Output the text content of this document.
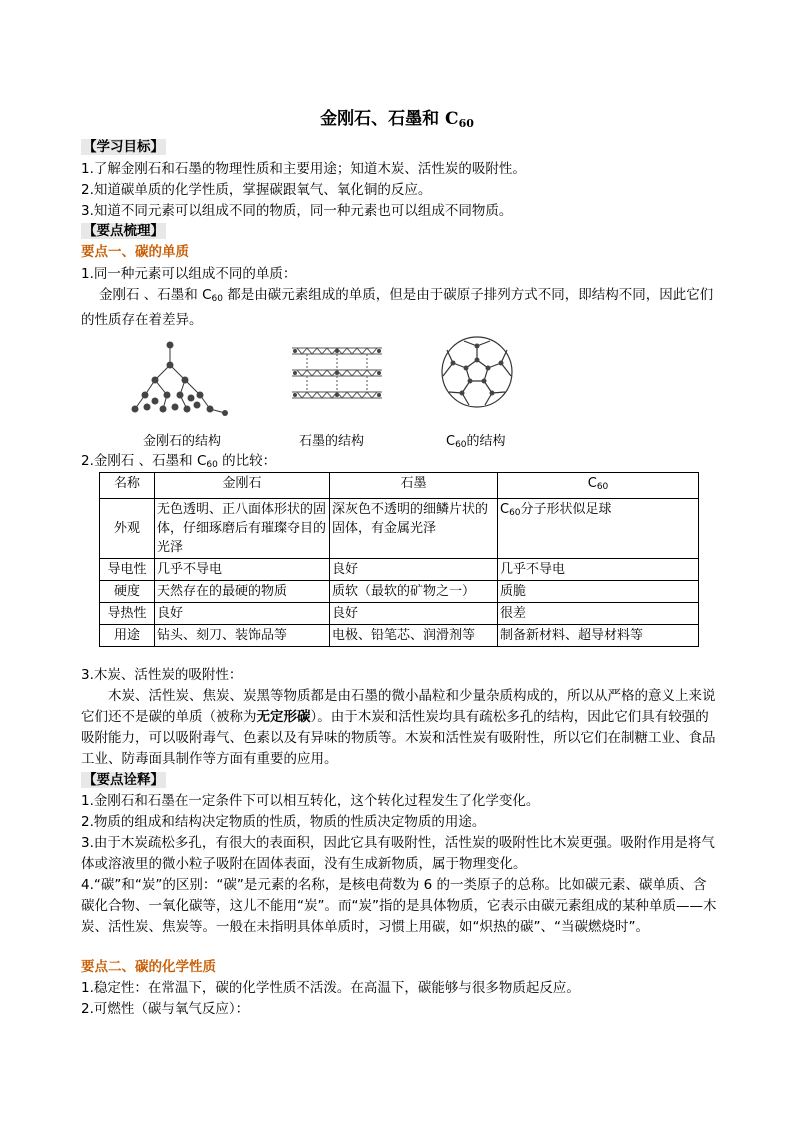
金刚石、石墨和 $C_{60}$
【学习目标】
1.了解金刚石和石墨的物理性质和主要用途；知道木炭、活性炭的吸附性。
2.知道碳单质的化学性质，掌握碳跟氧气、氧化铜的反应。
3.知道不同元素可以组成不同的物质，同一种元素也可以组成不同物质。
【要点梳理】
要点一、碳的单质
1.同一种元素可以组成不同的单质：
金刚石 、石墨和 $C_{60}$ 都是由碳元素组成的单质，但是由于碳原子排列方式不同，即结构不同，因此它们的性质存在着差异。
金刚石的结构	石墨的结构	$C_{60}$的结构
2.金刚石 、石墨和 $C_{60}$ 的比较：
名称	金刚石	石墨	$C_{60}$
外观	无色透明、正八面体形状的固体，仔细琢磨后有璀璨夺目的光泽	深灰色不透明的细鳞片状的固体，有金属光泽	$C_{60}$分子形状似足球
导电性	几乎不导电	良好	几乎不导电
硬度	天然存在的最硬的物质	质软（最软的矿物之一）	质脆
导热性	良好	良好	很差
用途	钻头、刻刀、装饰品等	电极、铅笔芯、润滑剂等	制备新材料、超导材料等
3.木炭、活性炭的吸附性：
木炭、活性炭、焦炭、炭黑等物质都是由石墨的微小晶粒和少量杂质构成的，所以从严格的意义上来说它们还不是碳的单质（被称为无定形碳）。由于木炭和活性炭均具有疏松多孔的结构，因此它们具有较强的吸附能力，可以吸附毒气、色素以及有异味的物质等。木炭和活性炭有吸附性，所以它们在制糖工业、食品工业、防毒面具制作等方面有重要的应用。
【要点诠释】
1.金刚石和石墨在一定条件下可以相互转化，这个转化过程发生了化学变化。
2.物质的组成和结构决定物质的性质，物质的性质决定物质的用途。
3.由于木炭疏松多孔，有很大的表面积，因此它具有吸附性，活性炭的吸附性比木炭更强。吸附作用是将气体或溶液里的微小粒子吸附在固体表面，没有生成新物质，属于物理变化。
4.“碳”和“炭”的区别：“碳”是元素的名称，是核电荷数为 6 的一类原子的总称。比如碳元素、碳单质、含碳化合物、一氧化碳等，这儿不能用“炭”。而“炭”指的是具体物质，它表示由碳元素组成的某种单质——木炭、活性炭、焦炭等。一般在未指明具体单质时，习惯上用碳，如“炽热的碳”、“当碳燃烧时”。
要点二、碳的化学性质
1.稳定性：在常温下，碳的化学性质不活泼。在高温下，碳能够与很多物质起反应。
2.可燃性（碳与氧气反应）：
